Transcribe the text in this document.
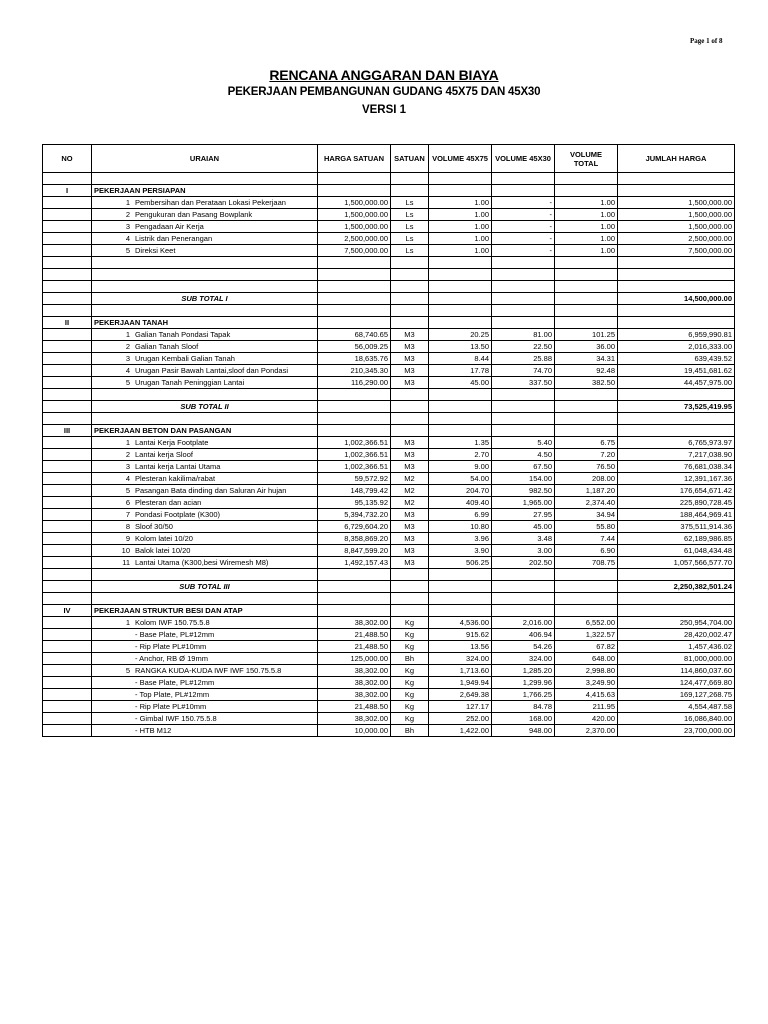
Page 1 of 8
RENCANA ANGGARAN DAN BIAYA
PEKERJAAN PEMBANGUNAN GUDANG 45X75 DAN 45X30
VERSI 1
NO	URAIAN	HARGA SATUAN	SATUAN	VOLUME 45X75	VOLUME 45X30	VOLUME TOTAL	JUMLAH HARGA

I	PEKERJAAN PERSIAPAN						
	1 Pembersihan dan Perataan Lokasi Pekerjaan	1,500,000.00	Ls	1.00	-	1.00	1,500,000.00
	2 Pengukuran dan Pasang Bowplank	1,500,000.00	Ls	1.00	-	1.00	1,500,000.00
	3 Pengadaan Air Kerja	1,500,000.00	Ls	1.00	-	1.00	1,500,000.00
	4 Listrik dan Penerangan	2,500,000.00	Ls	1.00	-	1.00	2,500,000.00
	5 Direksi Keet	7,500,000.00	Ls	1.00	-	1.00	7,500,000.00

	SUB TOTAL I						14,500,000.00

II	PEKERJAAN TANAH						
	1 Galian Tanah Pondasi Tapak	68,740.65	M3	20.25	81.00	101.25	6,959,990.81
	2 Galian Tanah Sloof	56,009.25	M3	13.50	22.50	36.00	2,016,333.00
	3 Urugan Kembali Galian Tanah	18,635.76	M3	8.44	25.88	34.31	639,439.52
	4 Urugan Pasir Bawah Lantai,sloof dan Pondasi	210,345.30	M3	17.78	74.70	92.48	19,451,681.62
	5 Urugan Tanah Peninggian Lantai	116,290.00	M3	45.00	337.50	382.50	44,457,975.00

	SUB TOTAL II						73,525,419.95

III	PEKERJAAN BETON DAN PASANGAN						
	1 Lantai Kerja Footplate	1,002,366.51	M3	1.35	5.40	6.75	6,765,973.97
	2 Lantai kerja Sloof	1,002,366.51	M3	2.70	4.50	7.20	7,217,038.90
	3 Lantai kerja Lantai Utama	1,002,366.51	M3	9.00	67.50	76.50	76,681,038.34
	4 Plesteran kakilima/rabat	59,572.92	M2	54.00	154.00	208.00	12,391,167.36
	5 Pasangan Bata dinding dan Saluran Air hujan	148,799.42	M2	204.70	982.50	1,187.20	176,654,671.42
	6 Plesteran dan acian	95,135.92	M2	409.40	1,965.00	2,374.40	225,890,728.45
	7 Pondasi Footplate (K300)	5,394,732.20	M3	6.99	27.95	34.94	188,464,969.41
	8 Sloof 30/50	6,729,604.20	M3	10.80	45.00	55.80	375,511,914.36
	9 Kolom latei 10/20	8,358,869.20	M3	3.96	3.48	7.44	62,189,986.85
	10 Balok latei 10/20	8,847,599.20	M3	3.90	3.00	6.90	61,048,434.48
	11 Lantai Utama (K300,besi Wiremesh M8)	1,492,157.43	M3	506.25	202.50	708.75	1,057,566,577.70

	SUB TOTAL III						2,250,382,501.24

IV	PEKERJAAN STRUKTUR BESI DAN ATAP						
	1 Kolom IWF 150.75.5.8	38,302.00	Kg	4,536.00	2,016.00	6,552.00	250,954,704.00
	- Base Plate, PL#12mm	21,488.50	Kg	915.62	406.94	1,322.57	28,420,002.47
	- Rip Plate PL#10mm	21,488.50	Kg	13.56	54.26	67.82	1,457,436.02
	- Anchor, RB Ø 19mm	125,000.00	Bh	324.00	324.00	648.00	81,000,000.00
	5 RANGKA KUDA-KUDA IWF IWF 150.75.5.8	38,302.00	Kg	1,713.60	1,285.20	2,998.80	114,860,037.60
	- Base Plate, PL#12mm	38,302.00	Kg	1,949.94	1,299.96	3,249.90	124,477,669.80
	- Top Plate, PL#12mm	38,302.00	Kg	2,649.38	1,766.25	4,415.63	169,127,268.75
	- Rip Plate PL#10mm	21,488.50	Kg	127.17	84.78	211.95	4,554,487.58
	- Gimbal IWF 150.75.5.8	38,302.00	Kg	252.00	168.00	420.00	16,086,840.00
	- HTB M12	10,000.00	Bh	1,422.00	948.00	2,370.00	23,700,000.00
